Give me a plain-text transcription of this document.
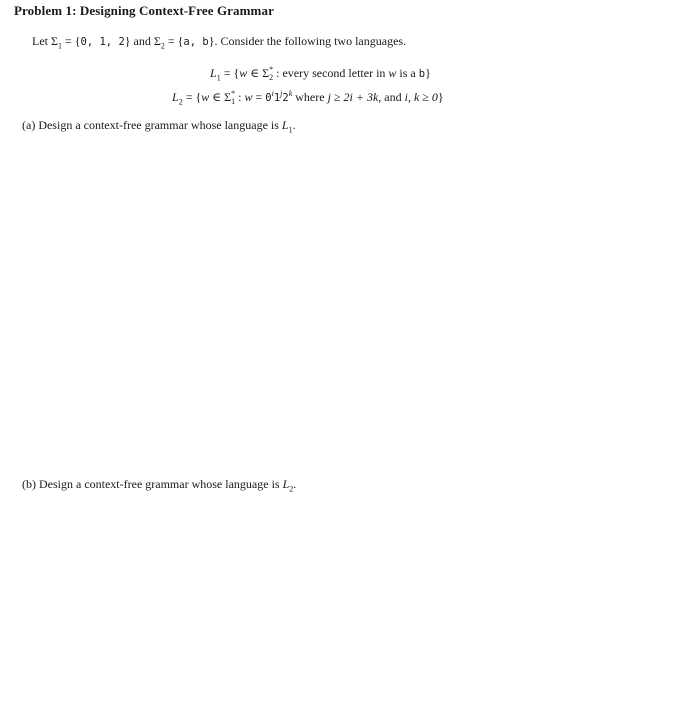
Problem 1: Designing Context-Free Grammar
Let $\Sigma_1 = \{0$, 1, 2} and $\Sigma_2 = \{a$, b}. Consider the following two languages.
$L_1 = \{w$ ∈ $\Sigma^*_2$ : every second letter in w is a b}
$L_2 = \{w$ ∈ $\Sigma^*_1$ : $w = 0^i1^j2^k$ where j ≥ 2i + 3k, and i, k ≥ 0}
(a) Design a context-free grammar whose language is $L_1$.
(b) Design a context-free grammar whose language is $L_2$.
